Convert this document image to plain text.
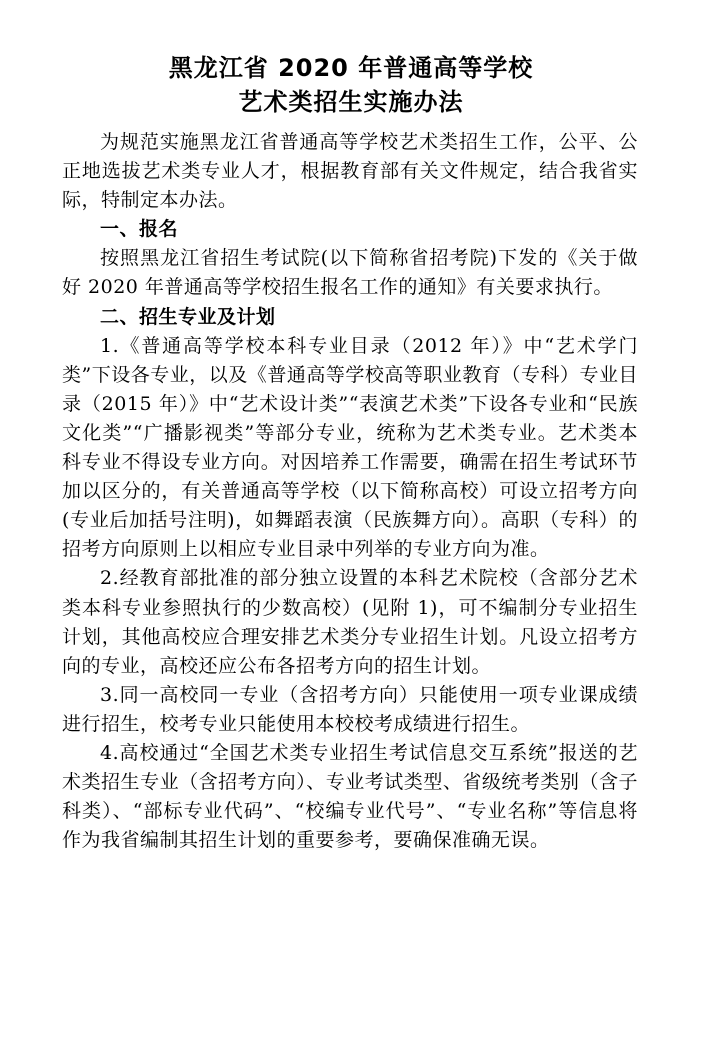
黑龙江省 2020 年普通高等学校
艺术类招生实施办法

为规范实施黑龙江省普通高等学校艺术类招生工作，公平、公正地选拔艺术类专业人才，根据教育部有关文件规定，结合我省实际，特制定本办法。

一、报名

按照黑龙江省招生考试院(以下简称省招考院)下发的《关于做好 2020 年普通高等学校招生报名工作的通知》有关要求执行。

二、招生专业及计划

1.《普通高等学校本科专业目录（2012 年）》中“艺术学门类”下设各专业，以及《普通高等学校高等职业教育（专科）专业目录（2015 年）》中“艺术设计类”“表演艺术类”下设各专业和“民族文化类”“广播影视类”等部分专业，统称为艺术类专业。艺术类本科专业不得设专业方向。对因培养工作需要，确需在招生考试环节加以区分的，有关普通高等学校（以下简称高校）可设立招考方向(专业后加括号注明)，如舞蹈表演（民族舞方向）。高职（专科）的招考方向原则上以相应专业目录中列举的专业方向为准。

2.经教育部批准的部分独立设置的本科艺术院校（含部分艺术类本科专业参照执行的少数高校）(见附 1)，可不编制分专业招生计划，其他高校应合理安排艺术类分专业招生计划。凡设立招考方向的专业，高校还应公布各招考方向的招生计划。

3.同一高校同一专业（含招考方向）只能使用一项专业课成绩进行招生，校考专业只能使用本校校考成绩进行招生。

4.高校通过“全国艺术类专业招生考试信息交互系统”报送的艺术类招生专业（含招考方向）、专业考试类型、省级统考类别（含子科类）、“部标专业代码”、“校编专业代号”、“专业名称”等信息将作为我省编制其招生计划的重要参考，要确保准确无误。
